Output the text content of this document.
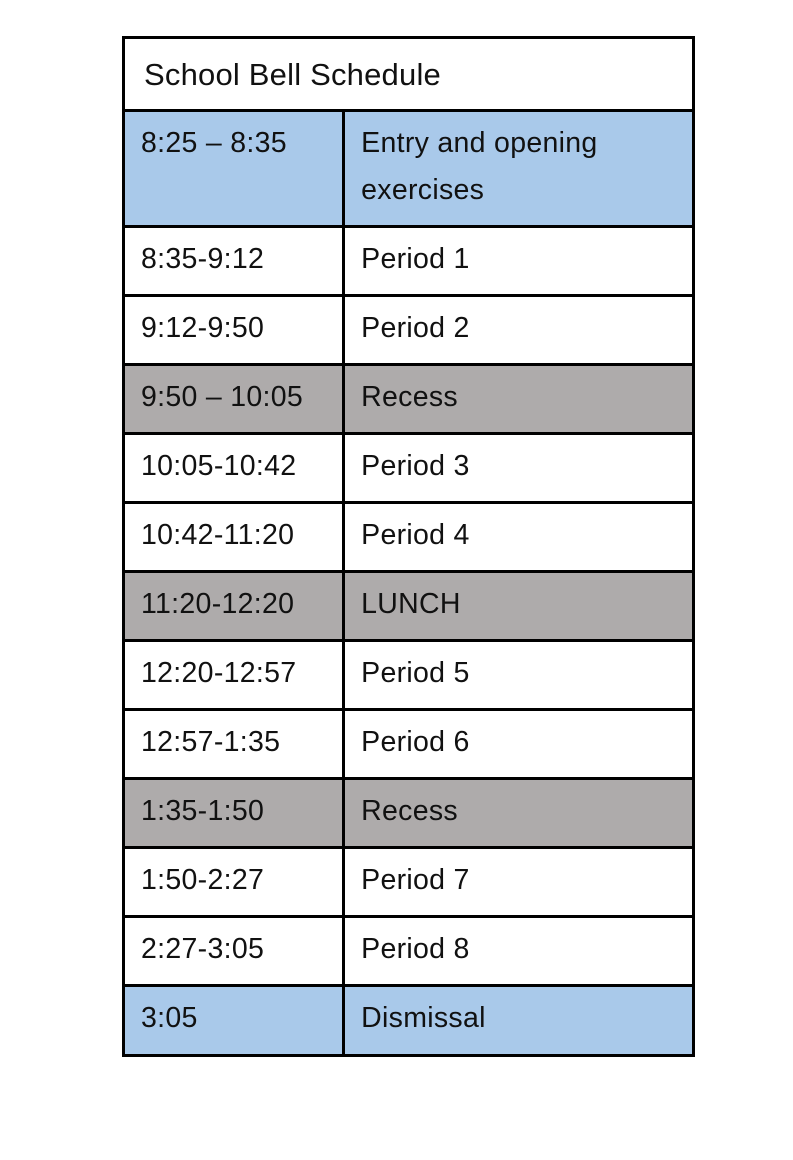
School Bell Schedule	

8:25 – 8:35	Entry and opening exercises

8:35-9:12	Period 1

9:12-9:50	Period 2

9:50 – 10:05	Recess

10:05-10:42	Period 3

10:42-11:20	Period 4

11:20-12:20	LUNCH

12:20-12:57	Period 5

12:57-1:35	Period 6

1:35-1:50	Recess

1:50-2:27	Period 7

2:27-3:05	Period 8

3:05	Dismissal
